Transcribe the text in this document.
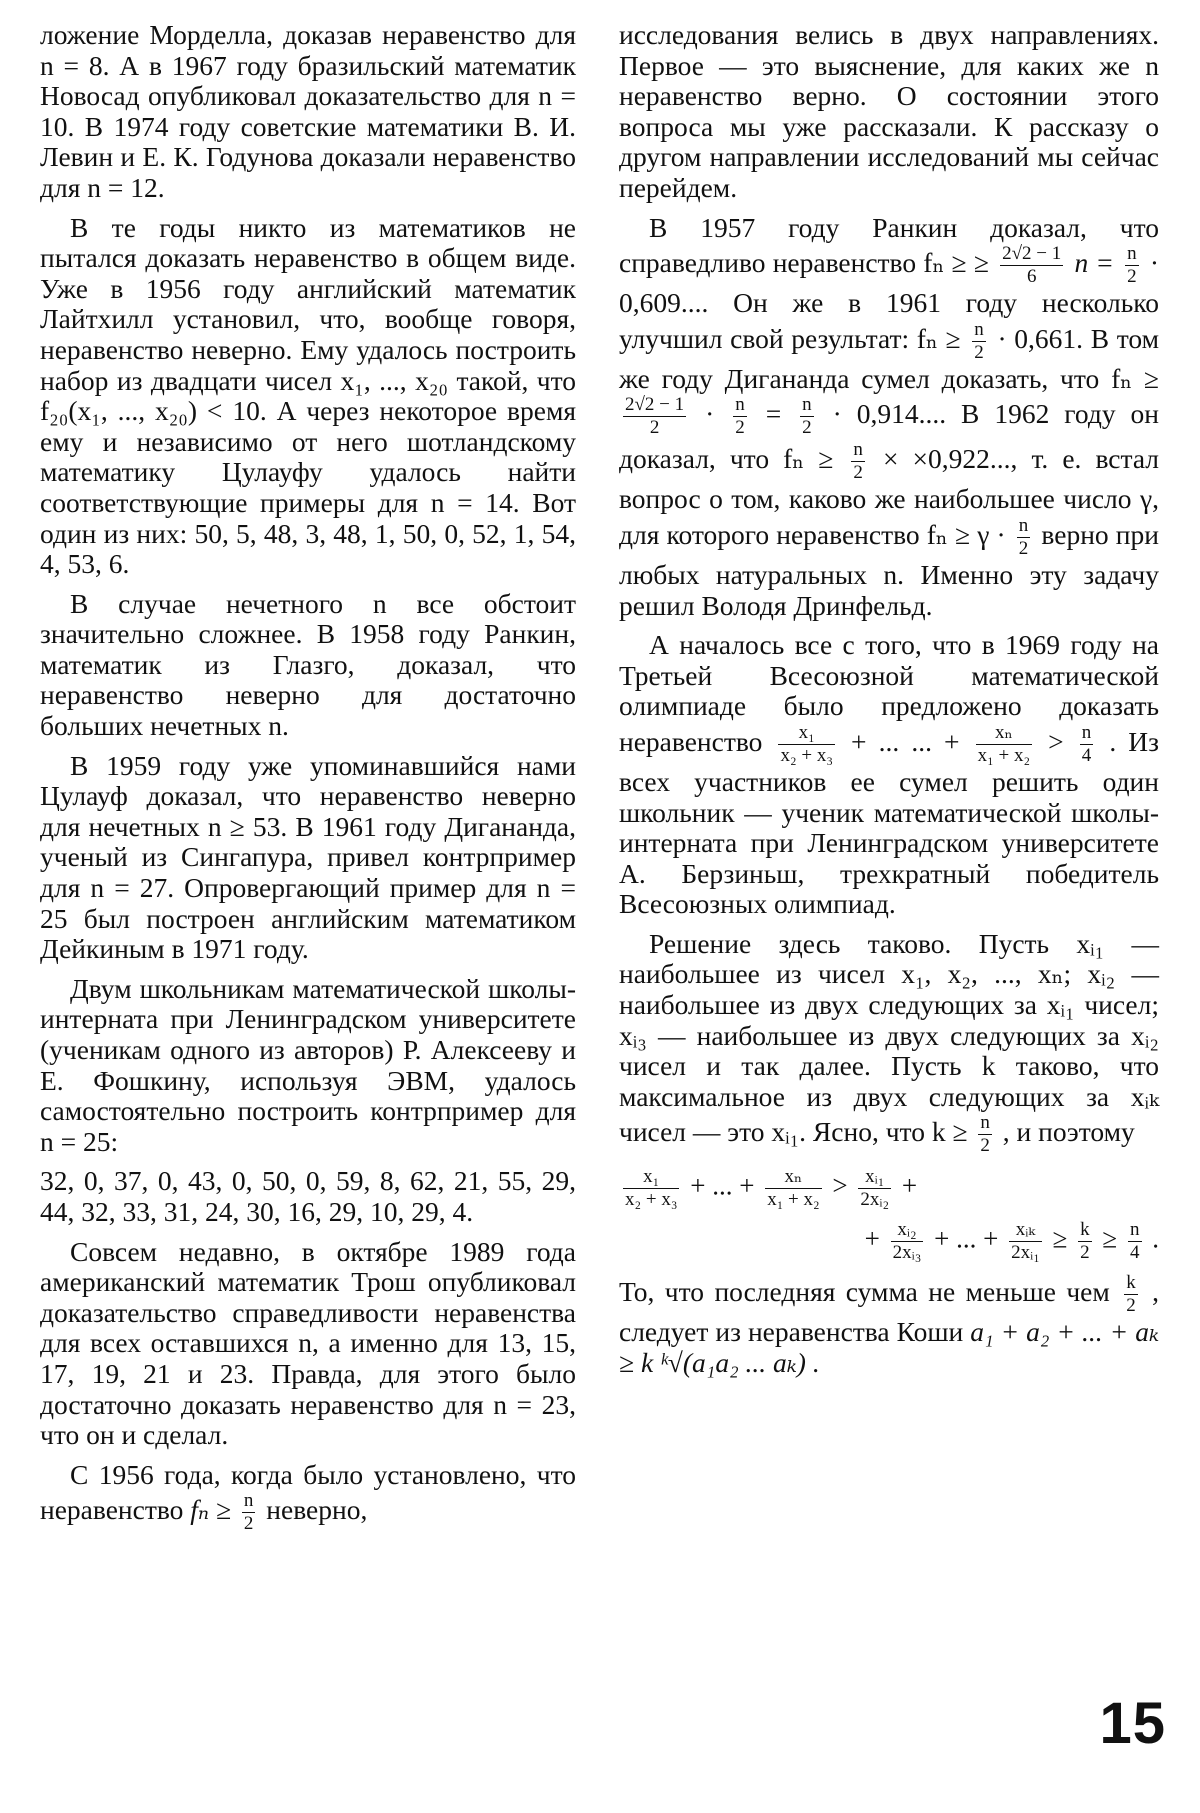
ложение Морделла, доказав неравенство для n = 8. А в 1967 году бразильский математик Новосад опубликовал доказательство для n = 10. В 1974 году советские математики В. И. Левин и Е. К. Годунова доказали неравенство для n = 12.

В те годы никто из математиков не пытался доказать неравенство в общем виде. Уже в 1956 году английский математик Лайтхилл установил, что, вообще говоря, неравенство неверно. Ему удалось построить набор из двадцати чисел x₁, ..., x₂₀ такой, что f₂₀(x₁, ..., x₂₀) < 10. А через некоторое время ему и независимо от него шотландскому математику Цулауфу удалось найти соответствующие примеры для n = 14. Вот один из них: 50, 5, 48, 3, 48, 1, 50, 0, 52, 1, 54, 4, 53, 6.

В случае нечетного n все обстоит значительно сложнее. В 1958 году Ранкин, математик из Глазго, доказал, что неравенство неверно для достаточно больших нечетных n.

В 1959 году уже упоминавшийся нами Цулауф доказал, что неравенство неверно для нечетных n ≥ 53. В 1961 году Дигананда, ученый из Сингапура, привел контрпример для n = 27. Опровергающий пример для n = 25 был построен английским математиком Дейкиным в 1971 году.

Двум школьникам математической школы-интерната при Ленинградском университете (ученикам одного из авторов) Р. Алексееву и Е. Фошкину, используя ЭВМ, удалось самостоятельно построить контрпример для n = 25:

32, 0, 37, 0, 43, 0, 50, 0, 59, 8, 62, 21, 55, 29, 44, 32, 33, 31, 24, 30, 16, 29, 10, 29, 4.

Совсем недавно, в октябре 1989 года американский математик Трош опубликовал доказательство справедливости неравенства для всех оставшихся n, а именно для 13, 15, 17, 19, 21 и 23. Правда, для этого было достаточно доказать неравенство для n = 23, что он и сделал.

С 1956 года, когда было установлено, что неравенство $f_n \ge \frac{n}{2}$ неверно,

исследования велись в двух направлениях. Первое — это выяснение, для каких же n неравенство верно. О состоянии этого вопроса мы уже рассказали. К рассказу о другом направлении исследований мы сейчас перейдем.

В 1957 году Ранкин доказал, что справедливо неравенство fₙ ≥ ≥ $\frac{2√2 - 1}{6}$ $n = \frac{n}{2} \cdot 0,609$.... Он же в 1961 году несколько улучшил свой результат: $f_n \ge \frac{n}{2} \cdot 0,661$. В том же году Дигананда сумел доказать, что fₙ ≥
$\frac{2√2 - 1}{2} \cdot \frac{n}{2} = \frac{n}{2} \cdot 0,914$.... В 1962 году он доказал, что $f_n \ge \frac{n}{2} \times \times 0,922$..., т. е. встал вопрос о том, каково же наибольшее число γ, для которого неравенство $f_n \ge \gamma \cdot \frac{n}{2}$ верно при любых натуральных n. Именно эту задачу решил Володя Дринфельд.

А началось все с того, что в 1969 году на Третьей Всесоюзной математической олимпиаде было предложено доказать неравенство $\frac{\text{x₁}}{\text{x₂ + x₃}}$ + ... ... + $\frac{\text{xₙ}}{\text{x₁ + x₂}} > \frac{n}{4}$ . Из всех участников ее сумел решить один школьник — ученик математической школы-интерната при Ленинградском университете А. Берзиньш, трехкратный победитель Всесоюзных олимпиад.

Решение здесь таково. Пусть xᵢ₁ — наибольшее из чисел x₁, x₂, ..., xₙ; xᵢ₂ — наибольшее из двух следующих за xᵢ₁ чисел; xᵢ₃ — наибольшее из двух следующих за xᵢ₂ чисел и так далее. Пусть k таково, что максимальное из двух следующих за xᵢₖ чисел — это xᵢ₁. Ясно, что $k \ge \frac{n}{2}$ , и поэтому

$\frac{\text{x₁}}{\text{x₂ + x₃}}$ + ... + $\frac{\text{xₙ}}{\text{x₁ + x₂}} > \frac{\text{xᵢ₁}}{\text{2xᵢ₂}}$ +
+ $\frac{\text{xᵢ₂}}{\text{2xᵢ₃}}$ + ... + $\frac{\text{xᵢₖ}}{\text{2xᵢ₁}} \ge \frac{k}{2} \ge \frac{n}{4}$ .

То, что последняя сумма не меньше чем $\frac{k}{2}$ , следует из неравенства Коши a₁ + a₂ + ... + aₖ ≥ k ᵏ√(a₁a₂ ... aₖ) .

15
